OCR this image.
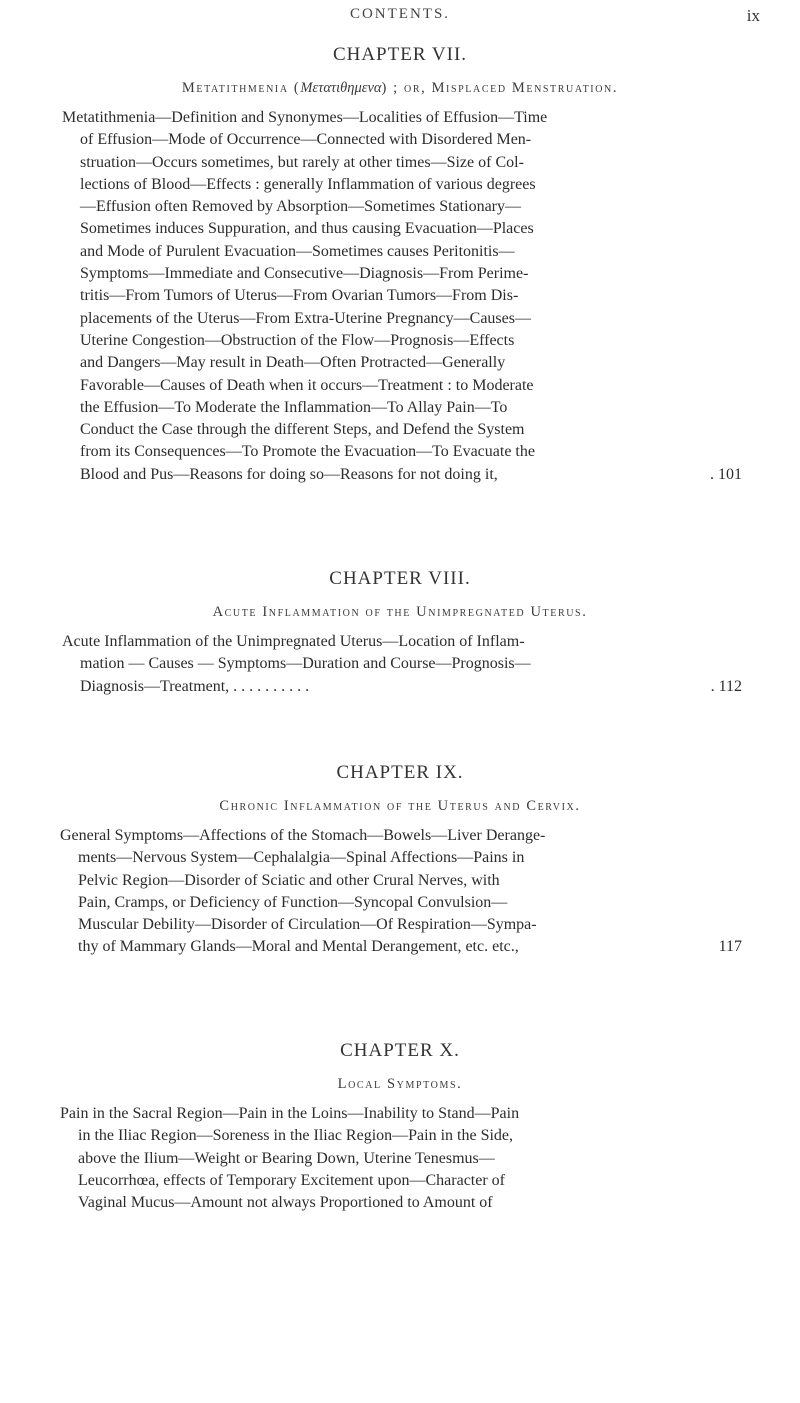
CONTENTS.	ix
CHAPTER VII.
Metatithmenia (Μετατιθημενα) ; or, Misplaced Menstruation.
Metatithmenia—Definition and Synonymes—Localities of Effusion—Time
of Effusion—Mode of Occurrence—Connected with Disordered Men-
struation—Occurs sometimes, but rarely at other times—Size of Col-
lections of Blood—Effects : generally Inflammation of various degrees
—Effusion often Removed by Absorption—Sometimes Stationary—
Sometimes induces Suppuration, and thus causing Evacuation—Places
and Mode of Purulent Evacuation—Sometimes causes Peritonitis—
Symptoms—Immediate and Consecutive—Diagnosis—From Perime-
tritis—From Tumors of Uterus—From Ovarian Tumors—From Dis-
placements of the Uterus—From Extra-Uterine Pregnancy—Causes—
Uterine Congestion—Obstruction of the Flow—Prognosis—Effects
and Dangers—May result in Death—Often Protracted—Generally
Favorable—Causes of Death when it occurs—Treatment : to Moderate
the Effusion—To Moderate the Inflammation—To Allay Pain—To
Conduct the Case through the different Steps, and Defend the System
from its Consequences—To Promote the Evacuation—To Evacuate the
Blood and Pus—Reasons for doing so—Reasons for not doing it,	. 101
CHAPTER VIII.
Acute Inflammation of the Unimpregnated Uterus.
Acute Inflammation of the Unimpregnated Uterus—Location of Inflam-
mation — Causes — Symptoms—Duration and Course—Prognosis—
Diagnosis—Treatment, . . . . . . . . . .	. 112
CHAPTER IX.
Chronic Inflammation of the Uterus and Cervix.
General Symptoms—Affections of the Stomach—Bowels—Liver Derange-
ments—Nervous System—Cephalalgia—Spinal Affections—Pains in
Pelvic Region—Disorder of Sciatic and other Crural Nerves, with
Pain, Cramps, or Deficiency of Function—Syncopal Convulsion—
Muscular Debility—Disorder of Circulation—Of Respiration—Sympa-
thy of Mammary Glands—Moral and Mental Derangement, etc. etc.,	117
CHAPTER X.
Local Symptoms.
Pain in the Sacral Region—Pain in the Loins—Inability to Stand—Pain
in the Iliac Region—Soreness in the Iliac Region—Pain in the Side,
above the Ilium—Weight or Bearing Down, Uterine Tenesmus—
Leucorrhœa, effects of Temporary Excitement upon—Character of
Vaginal Mucus—Amount not always Proportioned to Amount of
